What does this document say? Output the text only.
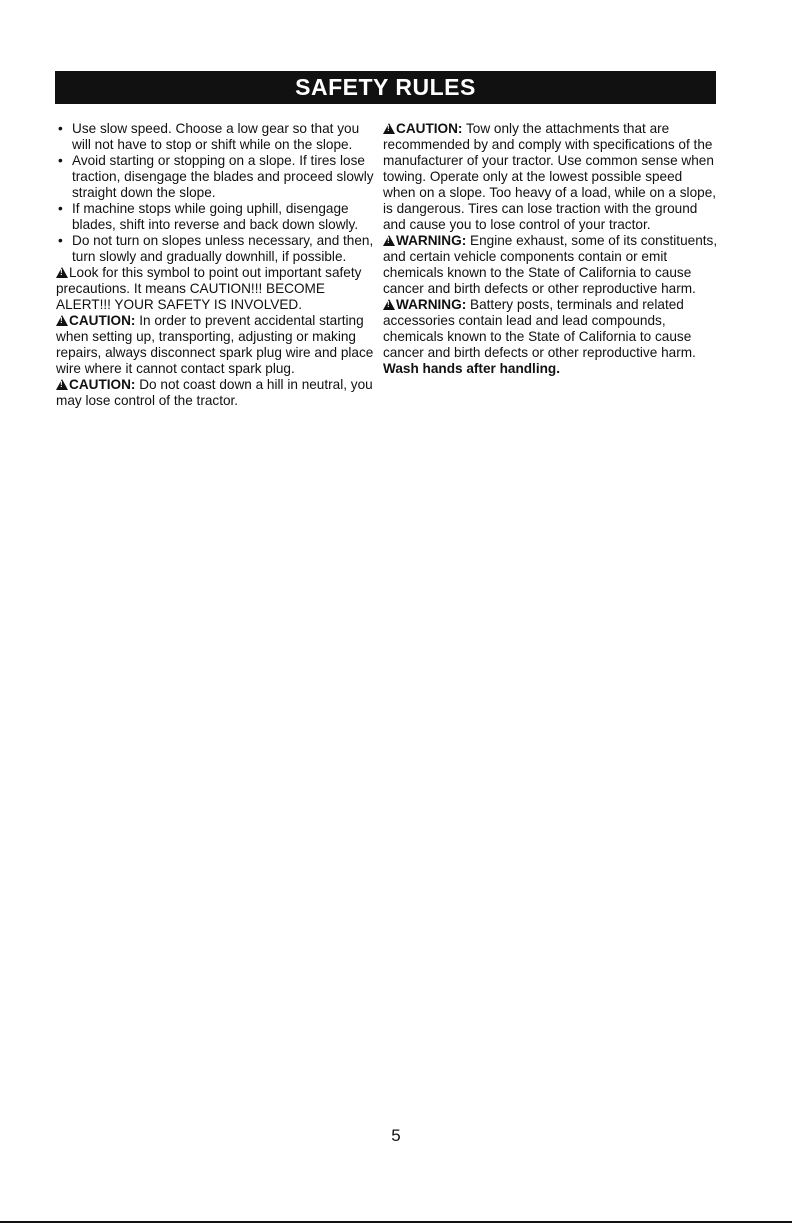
SAFETY RULES
• Use slow speed. Choose a low gear so that you will not have to stop or shift while on the slope.
• Avoid starting or stopping on a slope. If tires lose traction, disengage the blades and proceed slowly straight down the slope.
• If machine stops while going uphill, disengage blades, shift into reverse and back down slowly.
• Do not turn on slopes unless necessary, and then, turn slowly and gradually downhill, if possible.

!Look for this symbol to point out important safety precautions. It means CAUTION!!! BECOME ALERT!!! YOUR SAFETY IS INVOLVED.

!CAUTION: In order to prevent accidental starting when setting up, transporting, adjusting or making repairs, always disconnect spark plug wire and place wire where it cannot contact spark plug.

!CAUTION: Do not coast down a hill in neutral, you may lose control of the tractor.

!CAUTION: Tow only the attachments that are recommended by and comply with specifications of the manufacturer of your tractor. Use common sense when towing. Operate only at the lowest possible speed when on a slope. Too heavy of a load, while on a slope, is dangerous. Tires can lose traction with the ground and cause you to lose control of your tractor.

!WARNING: Engine exhaust, some of its constituents, and certain vehicle components contain or emit chemicals known to the State of California to cause cancer and birth defects or other reproductive harm.

!WARNING: Battery posts, terminals and related accessories contain lead and lead compounds, chemicals known to the State of California to cause cancer and birth defects or other reproductive harm. Wash hands after handling.

5
